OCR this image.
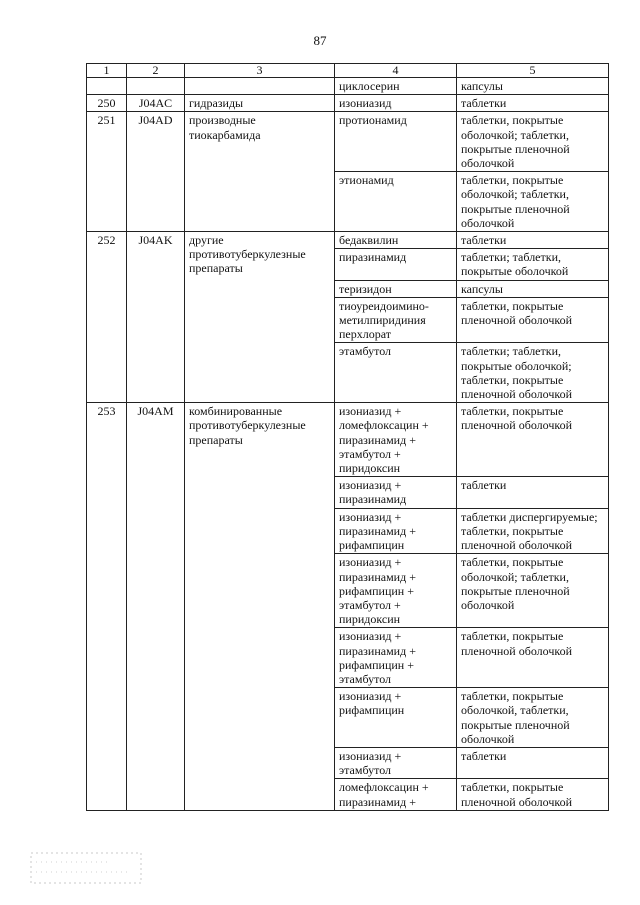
87
1	2	3	4	5
			циклосерин	капсулы
250	J04AC	гидразиды	изониазид	таблетки
251	J04AD	производные тиокарбамида	протионамид	таблетки, покрытые оболочкой; таблетки, покрытые пленочной оболочкой
			этионамид	таблетки, покрытые оболочкой; таблетки, покрытые пленочной оболочкой
252	J04AK	другие противотуберкулезные препараты	бедаквилин	таблетки
			пиразинамид	таблетки; таблетки, покрытые оболочкой
			теризидон	капсулы
			тиоуреидоимино-метилпиридиния перхлорат	таблетки, покрытые пленочной оболочкой
			этамбутол	таблетки; таблетки, покрытые оболочкой; таблетки, покрытые пленочной оболочкой
253	J04AM	комбинированные противотуберкулезные препараты	изониазид + ломефлоксацин + пиразинамид + этамбутол + пиридоксин	таблетки, покрытые пленочной оболочкой
			изониазид + пиразинамид	таблетки
			изониазид + пиразинамид + рифампицин	таблетки диспергируемые; таблетки, покрытые пленочной оболочкой
			изониазид + пиразинамид + рифампицин + этамбутол + пиридоксин	таблетки, покрытые оболочкой; таблетки, покрытые пленочной оболочкой
			изониазид + пиразинамид + рифампицин + этамбутол	таблетки, покрытые пленочной оболочкой
			изониазид + рифампицин	таблетки, покрытые оболочкой, таблетки, покрытые пленочной оболочкой
			изониазид + этамбутол	таблетки
			ломефлоксацин + пиразинамид +	таблетки, покрытые пленочной оболочкой
